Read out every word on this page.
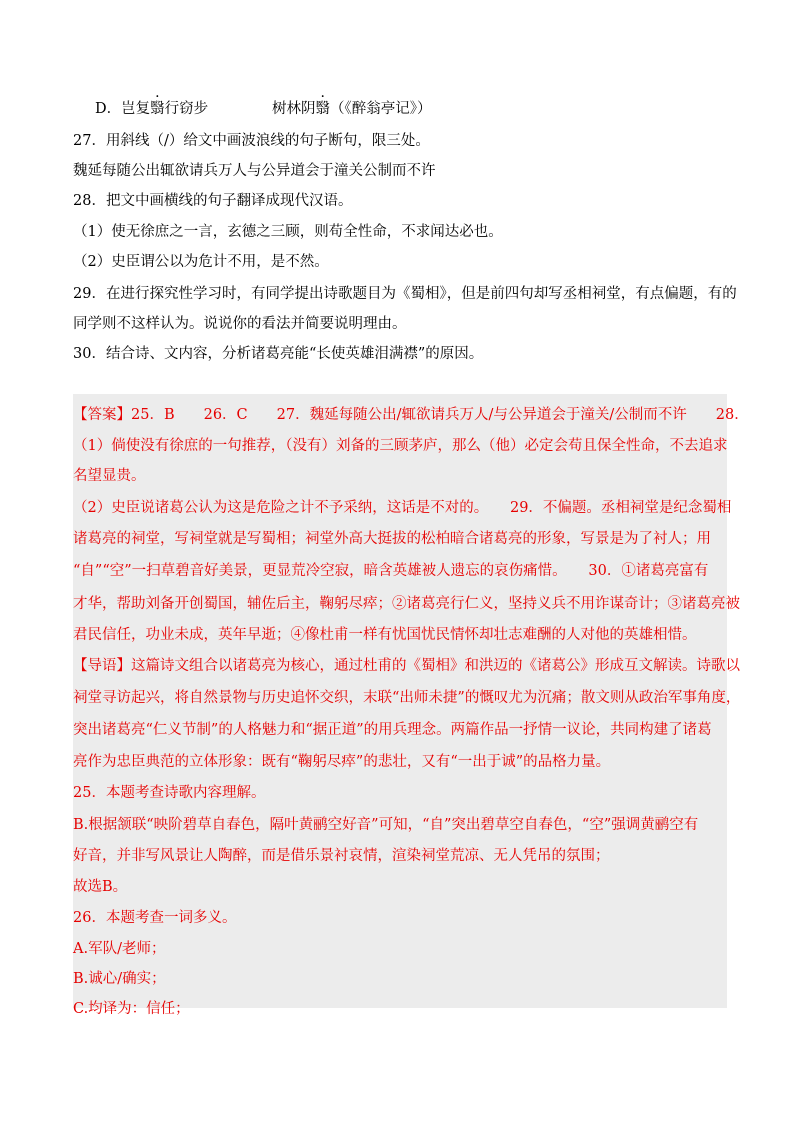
D．岂复翳行窃步	树林阴翳（《醉翁亭记》）
27．用斜线（/）给文中画波浪线的句子断句，限三处。
魏延每随公出辄欲请兵万人与公异道会于潼关公制而不许
28．把文中画横线的句子翻译成现代汉语。
（1）使无徐庶之一言，玄德之三顾，则苟全性命，不求闻达必也。
（2）史臣谓公以为危计不用，是不然。
29．在进行探究性学习时，有同学提出诗歌题目为《蜀相》，但是前四句却写丞相祠堂，有点偏题，有的
同学则不这样认为。说说你的看法并简要说明理由。
30．结合诗、文内容，分析诸葛亮能“长使英雄泪满襟”的原因。
【答案】25．B　　26．C　　27．魏延每随公出/辄欲请兵万人/与公异道会于潼关/公制而不许　　28．
（1）倘使没有徐庶的一句推荐，（没有）刘备的三顾茅庐，那么（他）必定会苟且保全性命，不去追求
名望显贵。
（2）史臣说诸葛公认为这是危险之计不予采纳，这话是不对的。　　29．不偏题。丞相祠堂是纪念蜀相
诸葛亮的祠堂，写祠堂就是写蜀相；祠堂外高大挺拔的松柏暗合诸葛亮的形象，写景是为了衬人；用
“自”“空”一扫草碧音好美景，更显荒冷空寂，暗含英雄被人遗忘的哀伤痛惜。　　30．①诸葛亮富有
才华，帮助刘备开创蜀国，辅佐后主，鞠躬尽瘁；②诸葛亮行仁义，坚持义兵不用诈谋奇计；③诸葛亮被
君民信任，功业未成，英年早逝；④像杜甫一样有忧国忧民情怀却壮志难酬的人对他的英雄相惜。
【导语】这篇诗文组合以诸葛亮为核心，通过杜甫的《蜀相》和洪迈的《诸葛公》形成互文解读。诗歌以
祠堂寻访起兴，将自然景物与历史追怀交织，末联“出师未捷”的慨叹尤为沉痛；散文则从政治军事角度，
突出诸葛亮“仁义节制”的人格魅力和“据正道”的用兵理念。两篇作品一抒情一议论，共同构建了诸葛
亮作为忠臣典范的立体形象：既有“鞠躬尽瘁”的悲壮，又有“一出于诚”的品格力量。
25．本题考查诗歌内容理解。
B.根据颔联“映阶碧草自春色，隔叶黄鹂空好音”可知，“自”突出碧草空自春色，“空”强调黄鹂空有
好音，并非写风景让人陶醉，而是借乐景衬哀情，渲染祠堂荒凉、无人凭吊的氛围；
故选B。
26．本题考查一词多义。
A.军队/老师；
B.诚心/确实；
C.均译为：信任；
